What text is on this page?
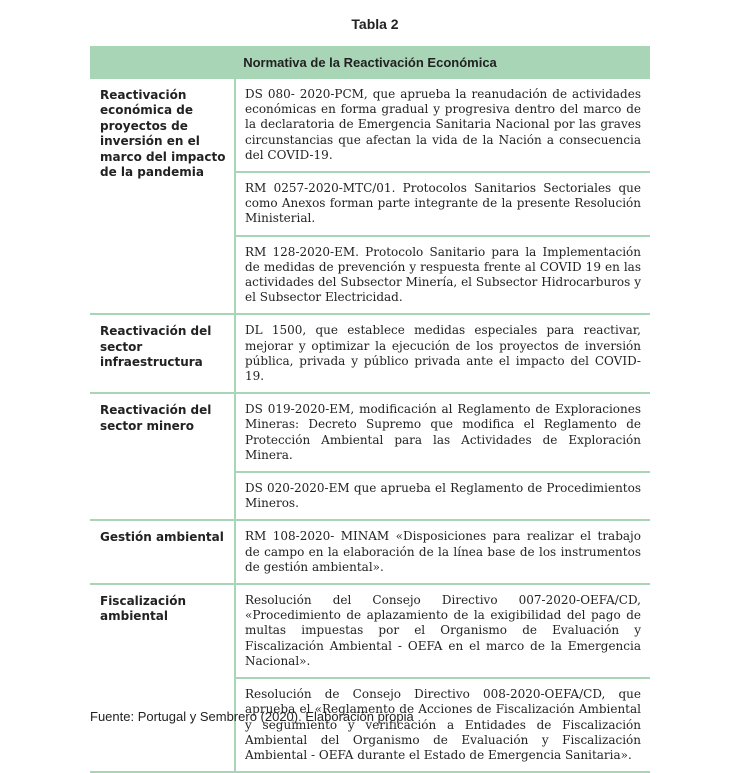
Tabla 2
Normativa de la Reactivación Económica	

Reactivación económica de proyectos de inversión en el marco del impacto de la pandemia	DS 080- 2020-PCM, que aprueba la reanudación de actividades económicas en forma gradual y progresiva dentro del marco de la declaratoria de Emergencia Sanitaria Nacional por las graves circunstancias que afectan la vida de la Nación a consecuencia del COVID-19.

	RM 0257-2020-MTC/01. Protocolos Sanitarios Sectoriales que como Anexos forman parte integrante de la presente Resolución Ministerial.

	RM 128-2020-EM. Protocolo Sanitario para la Implementación de medidas de prevención y respuesta frente al COVID 19 en las actividades del Subsector Minería, el Subsector Hidrocarburos y el Subsector Electricidad.

Reactivación del sector infraestructura	DL 1500, que establece medidas especiales para reactivar, mejorar y optimizar la ejecución de los proyectos de inversión pública, privada y público privada ante el impacto del COVID-19.

Reactivación del sector minero	DS 019-2020-EM, modificación al Reglamento de Exploraciones Mineras: Decreto Supremo que modifica el Reglamento de Protección Ambiental para las Actividades de Exploración Minera.

	DS 020-2020-EM que aprueba el Reglamento de Procedimientos Mineros.

Gestión ambiental	RM 108-2020- MINAM «Disposiciones para realizar el trabajo de campo en la elaboración de la línea base de los instrumentos de gestión ambiental».

Fiscalización ambiental	Resolución del Consejo Directivo 007-2020-OEFA/CD, «Procedimiento de aplazamiento de la exigibilidad del pago de multas impuestas por el Organismo de Evaluación y Fiscalización Ambiental - OEFA en el marco de la Emergencia Nacional».

	Resolución de Consejo Directivo 008-2020-OEFA/CD, que aprueba el «Reglamento de Acciones de Fiscalización Ambiental y seguimiento y verificación a Entidades de Fiscalización Ambiental del Organismo de Evaluación y Fiscalización Ambiental - OEFA durante el Estado de Emergencia Sanitaria».
Fuente: Portugal y Sembrero (2020). Elaboración propia
